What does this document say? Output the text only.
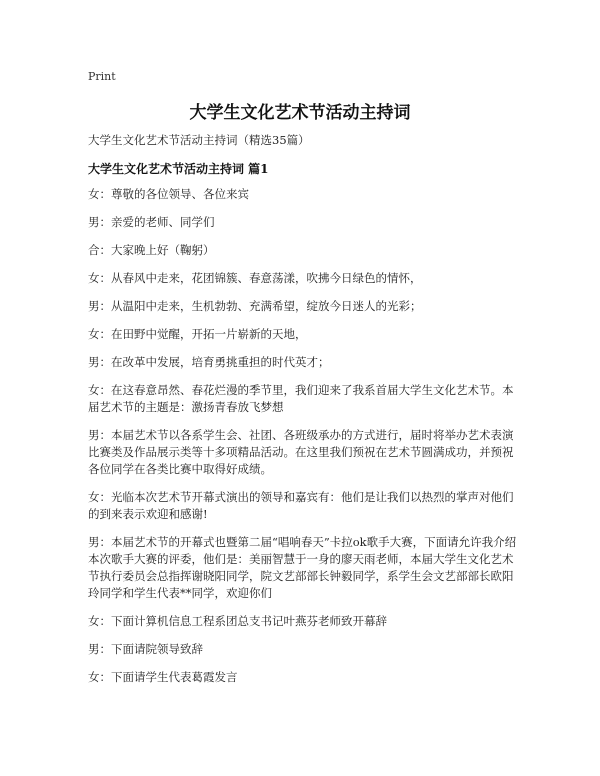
Print
大学生文化艺术节活动主持词

大学生文化艺术节活动主持词（精选35篇）

大学生文化艺术节活动主持词 篇1

女：尊敬的各位领导、各位来宾

男：亲爱的老师、同学们

合：大家晚上好（鞠躬）

女：从春风中走来，花团锦簇、春意荡漾，吹拂今日绿色的情怀，

男：从温阳中走来，生机勃勃、充满希望，绽放今日迷人的光彩；

女：在田野中觉醒，开拓一片崭新的天地，

男：在改革中发展，培育勇挑重担的时代英才；

女：在这春意昂然、春花烂漫的季节里，我们迎来了我系首届大学生文化艺术节。本届艺术节的主题是：激扬青春放飞梦想

男：本届艺术节以各系学生会、社团、各班级承办的方式进行，届时将举办艺术表演比赛类及作品展示类等十多项精品活动。在这里我们预祝在艺术节圆满成功，并预祝各位同学在各类比赛中取得好成绩。

女：光临本次艺术节开幕式演出的领导和嘉宾有：他们是让我们以热烈的掌声对他们的到来表示欢迎和感谢!

男：本届艺术节的开幕式也暨第二届“唱响春天”卡拉ok歌手大赛，下面请允许我介绍本次歌手大赛的评委，他们是：美丽智慧于一身的廖天雨老师，本届大学生文化艺术节执行委员会总指挥谢晓阳同学，院文艺部部长钟毅同学，系学生会文艺部部长欧阳玲同学和学生代表**同学，欢迎你们

女：下面计算机信息工程系团总支书记叶燕芬老师致开幕辞

男：下面请院领导致辞

女：下面请学生代表葛霞发言
